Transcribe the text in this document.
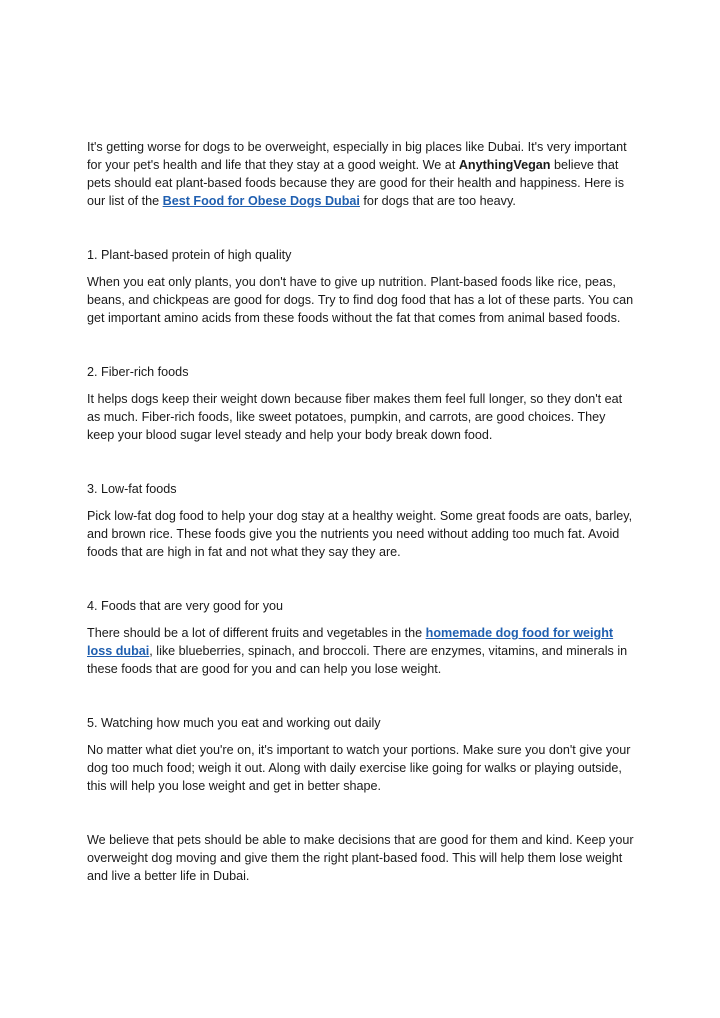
It's getting worse for dogs to be overweight, especially in big places like Dubai. It's very important for your pet's health and life that they stay at a good weight. We at AnythingVegan believe that pets should eat plant-based foods because they are good for their health and happiness. Here is our list of the Best Food for Obese Dogs Dubai for dogs that are too heavy.

1. Plant-based protein of high quality

When you eat only plants, you don't have to give up nutrition. Plant-based foods like rice, peas, beans, and chickpeas are good for dogs. Try to find dog food that has a lot of these parts. You can get important amino acids from these foods without the fat that comes from animal based foods.

2. Fiber-rich foods

It helps dogs keep their weight down because fiber makes them feel full longer, so they don't eat as much. Fiber-rich foods, like sweet potatoes, pumpkin, and carrots, are good choices. They keep your blood sugar level steady and help your body break down food.

3. Low-fat foods

Pick low-fat dog food to help your dog stay at a healthy weight. Some great foods are oats, barley, and brown rice. These foods give you the nutrients you need without adding too much fat. Avoid foods that are high in fat and not what they say they are.

4. Foods that are very good for you

There should be a lot of different fruits and vegetables in the homemade dog food for weight loss dubai, like blueberries, spinach, and broccoli. There are enzymes, vitamins, and minerals in these foods that are good for you and can help you lose weight.

5. Watching how much you eat and working out daily

No matter what diet you're on, it's important to watch your portions. Make sure you don't give your dog too much food; weigh it out. Along with daily exercise like going for walks or playing outside, this will help you lose weight and get in better shape.

We believe that pets should be able to make decisions that are good for them and kind. Keep your overweight dog moving and give them the right plant-based food. This will help them lose weight and live a better life in Dubai.
